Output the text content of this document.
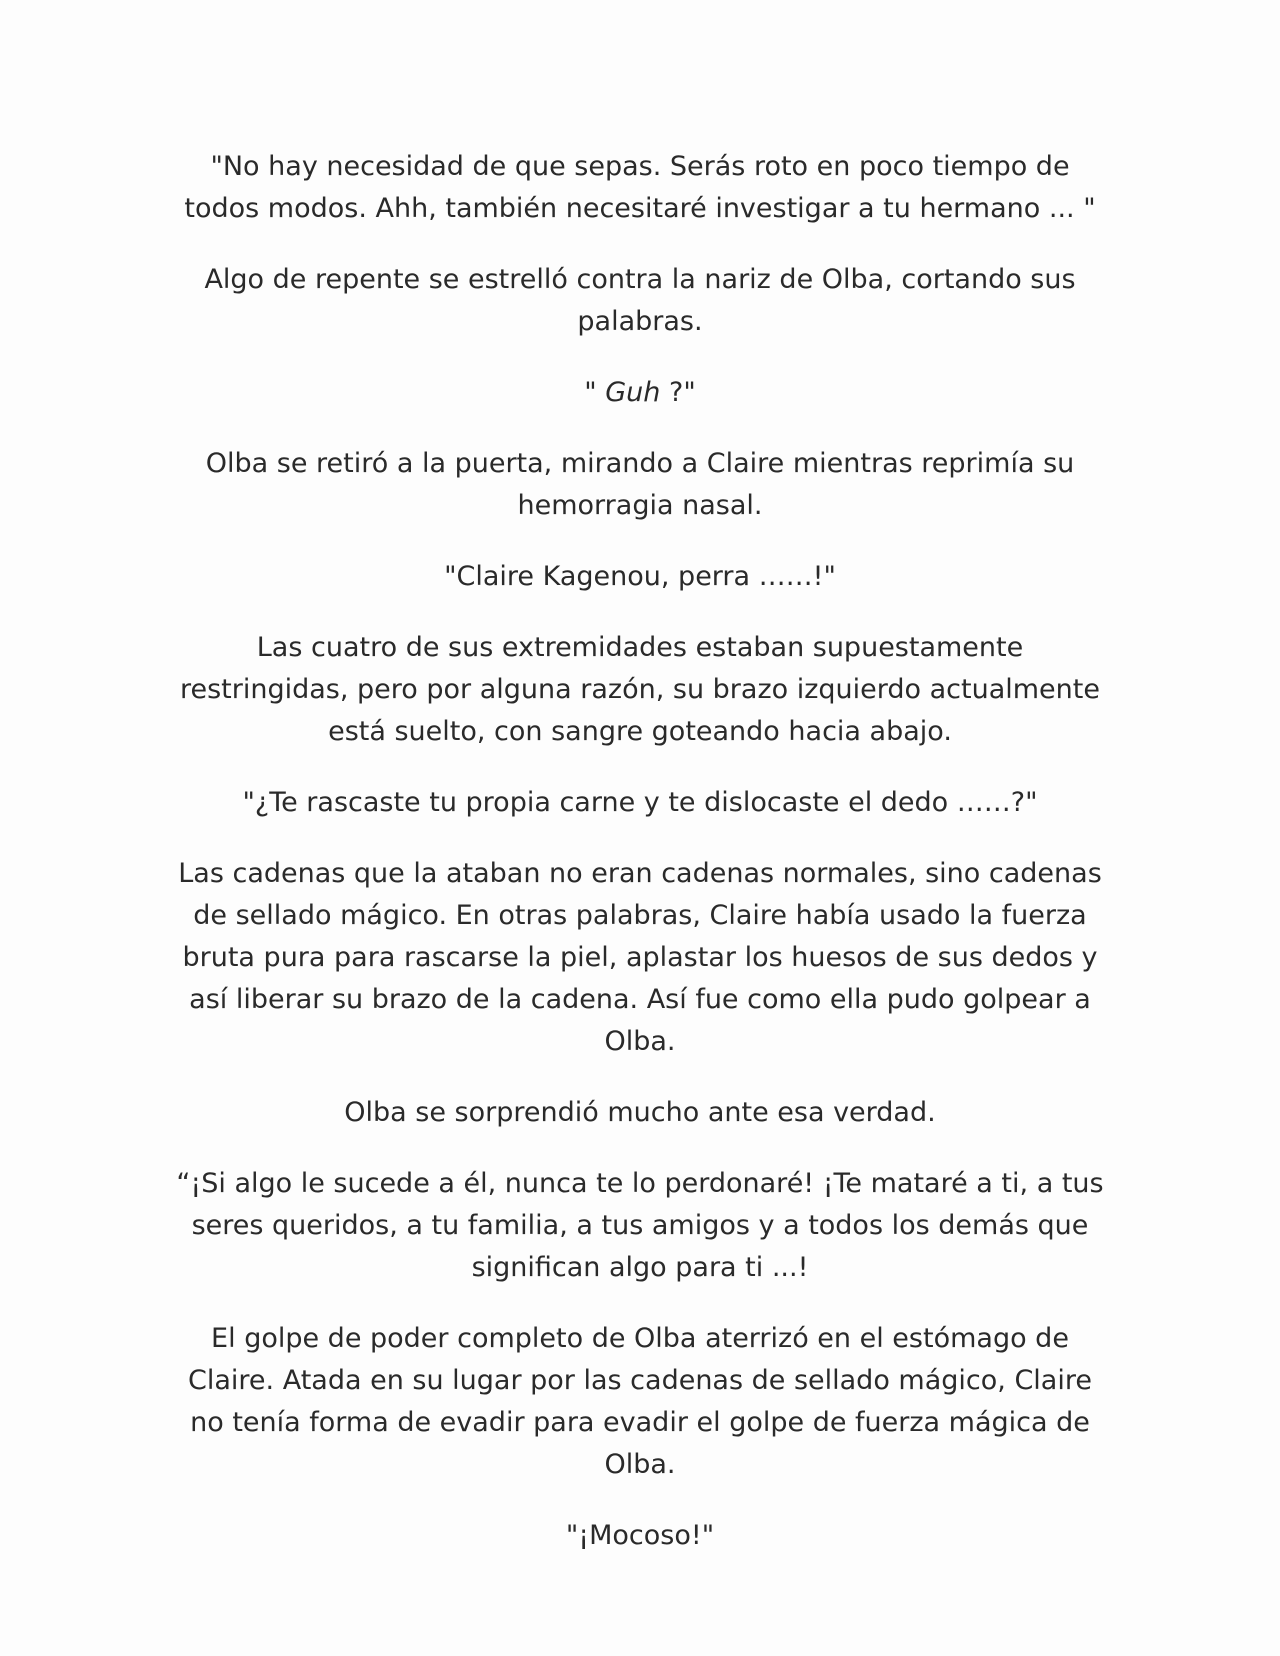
"No hay necesidad de que sepas. Serás roto en poco tiempo de todos modos. Ahh, también necesitaré investigar a tu hermano ... "

Algo de repente se estrelló contra la nariz de Olba, cortando sus palabras.

" Guh ?"

Olba se retiró a la puerta, mirando a Claire mientras reprimía su hemorragia nasal.

"Claire Kagenou, perra ……!"

Las cuatro de sus extremidades estaban supuestamente restringidas, pero por alguna razón, su brazo izquierdo actualmente está suelto, con sangre goteando hacia abajo.

"¿Te rascaste tu propia carne y te dislocaste el dedo ……?"

Las cadenas que la ataban no eran cadenas normales, sino cadenas de sellado mágico. En otras palabras, Claire había usado la fuerza bruta pura para rascarse la piel, aplastar los huesos de sus dedos y así liberar su brazo de la cadena. Así fue como ella pudo golpear a Olba.

Olba se sorprendió mucho ante esa verdad.

“¡Si algo le sucede a él, nunca te lo perdonaré! ¡Te mataré a ti, a tus seres queridos, a tu familia, a tus amigos y a todos los demás que significan algo para ti ...!

El golpe de poder completo de Olba aterrizó en el estómago de Claire. Atada en su lugar por las cadenas de sellado mágico, Claire no tenía forma de evadir para evadir el golpe de fuerza mágica de Olba.

"¡Mocoso!"
